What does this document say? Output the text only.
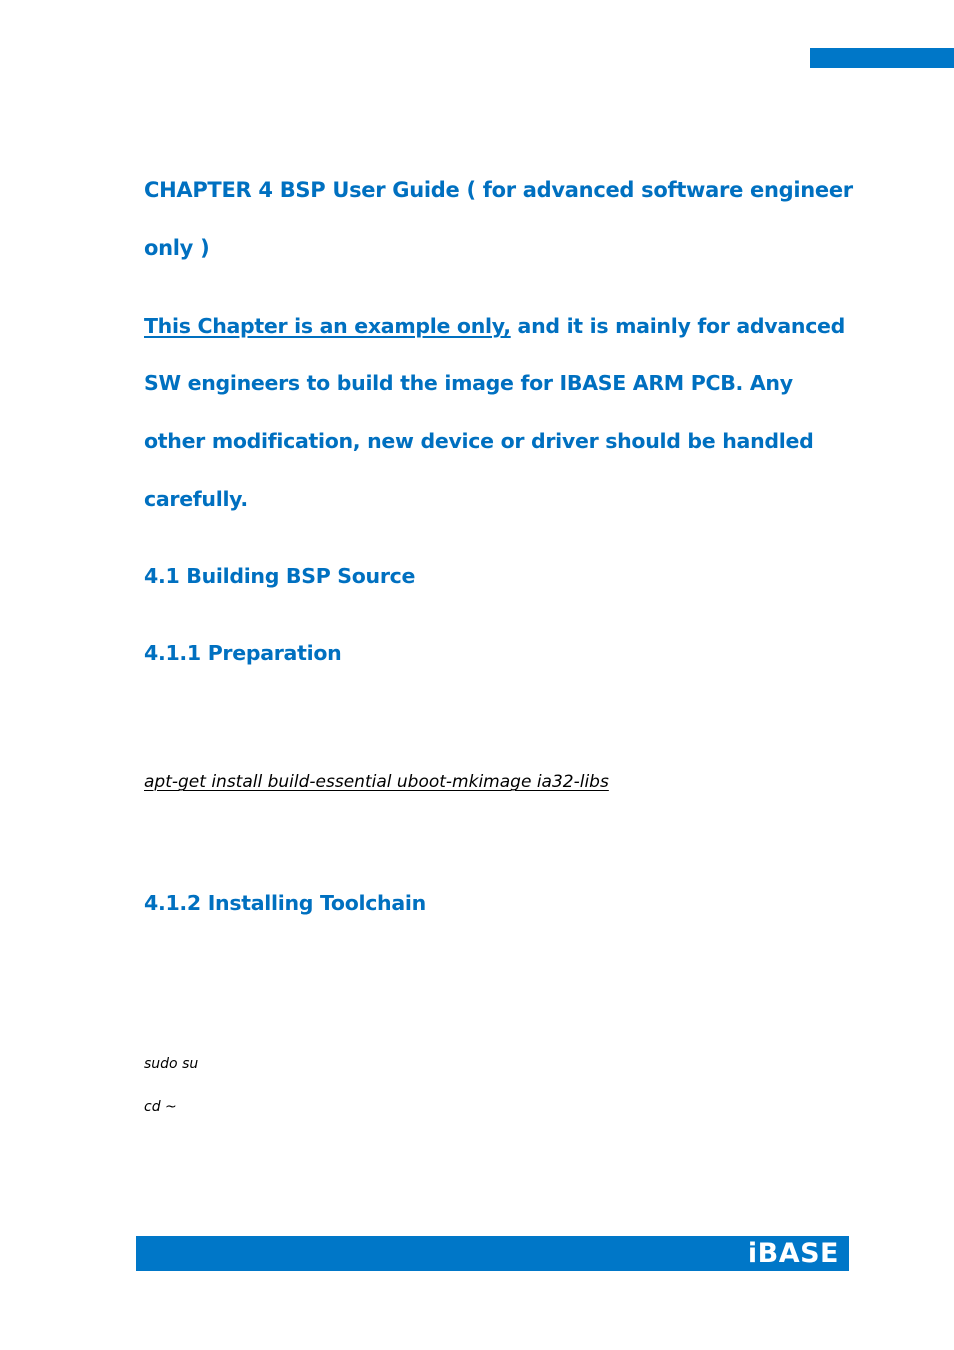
CHAPTER 4 BSP User Guide ( for advanced software engineer
only )
This Chapter is an example only, and it is mainly for advanced
SW engineers to build the image for IBASE ARM PCB. Any
other modification, new device or driver should be handled
carefully.
4.1 Building BSP Source
4.1.1 Preparation
apt-get install build-essential uboot-mkimage ia32-libs
4.1.2 Installing Toolchain
sudo su
cd ~
iBASE
